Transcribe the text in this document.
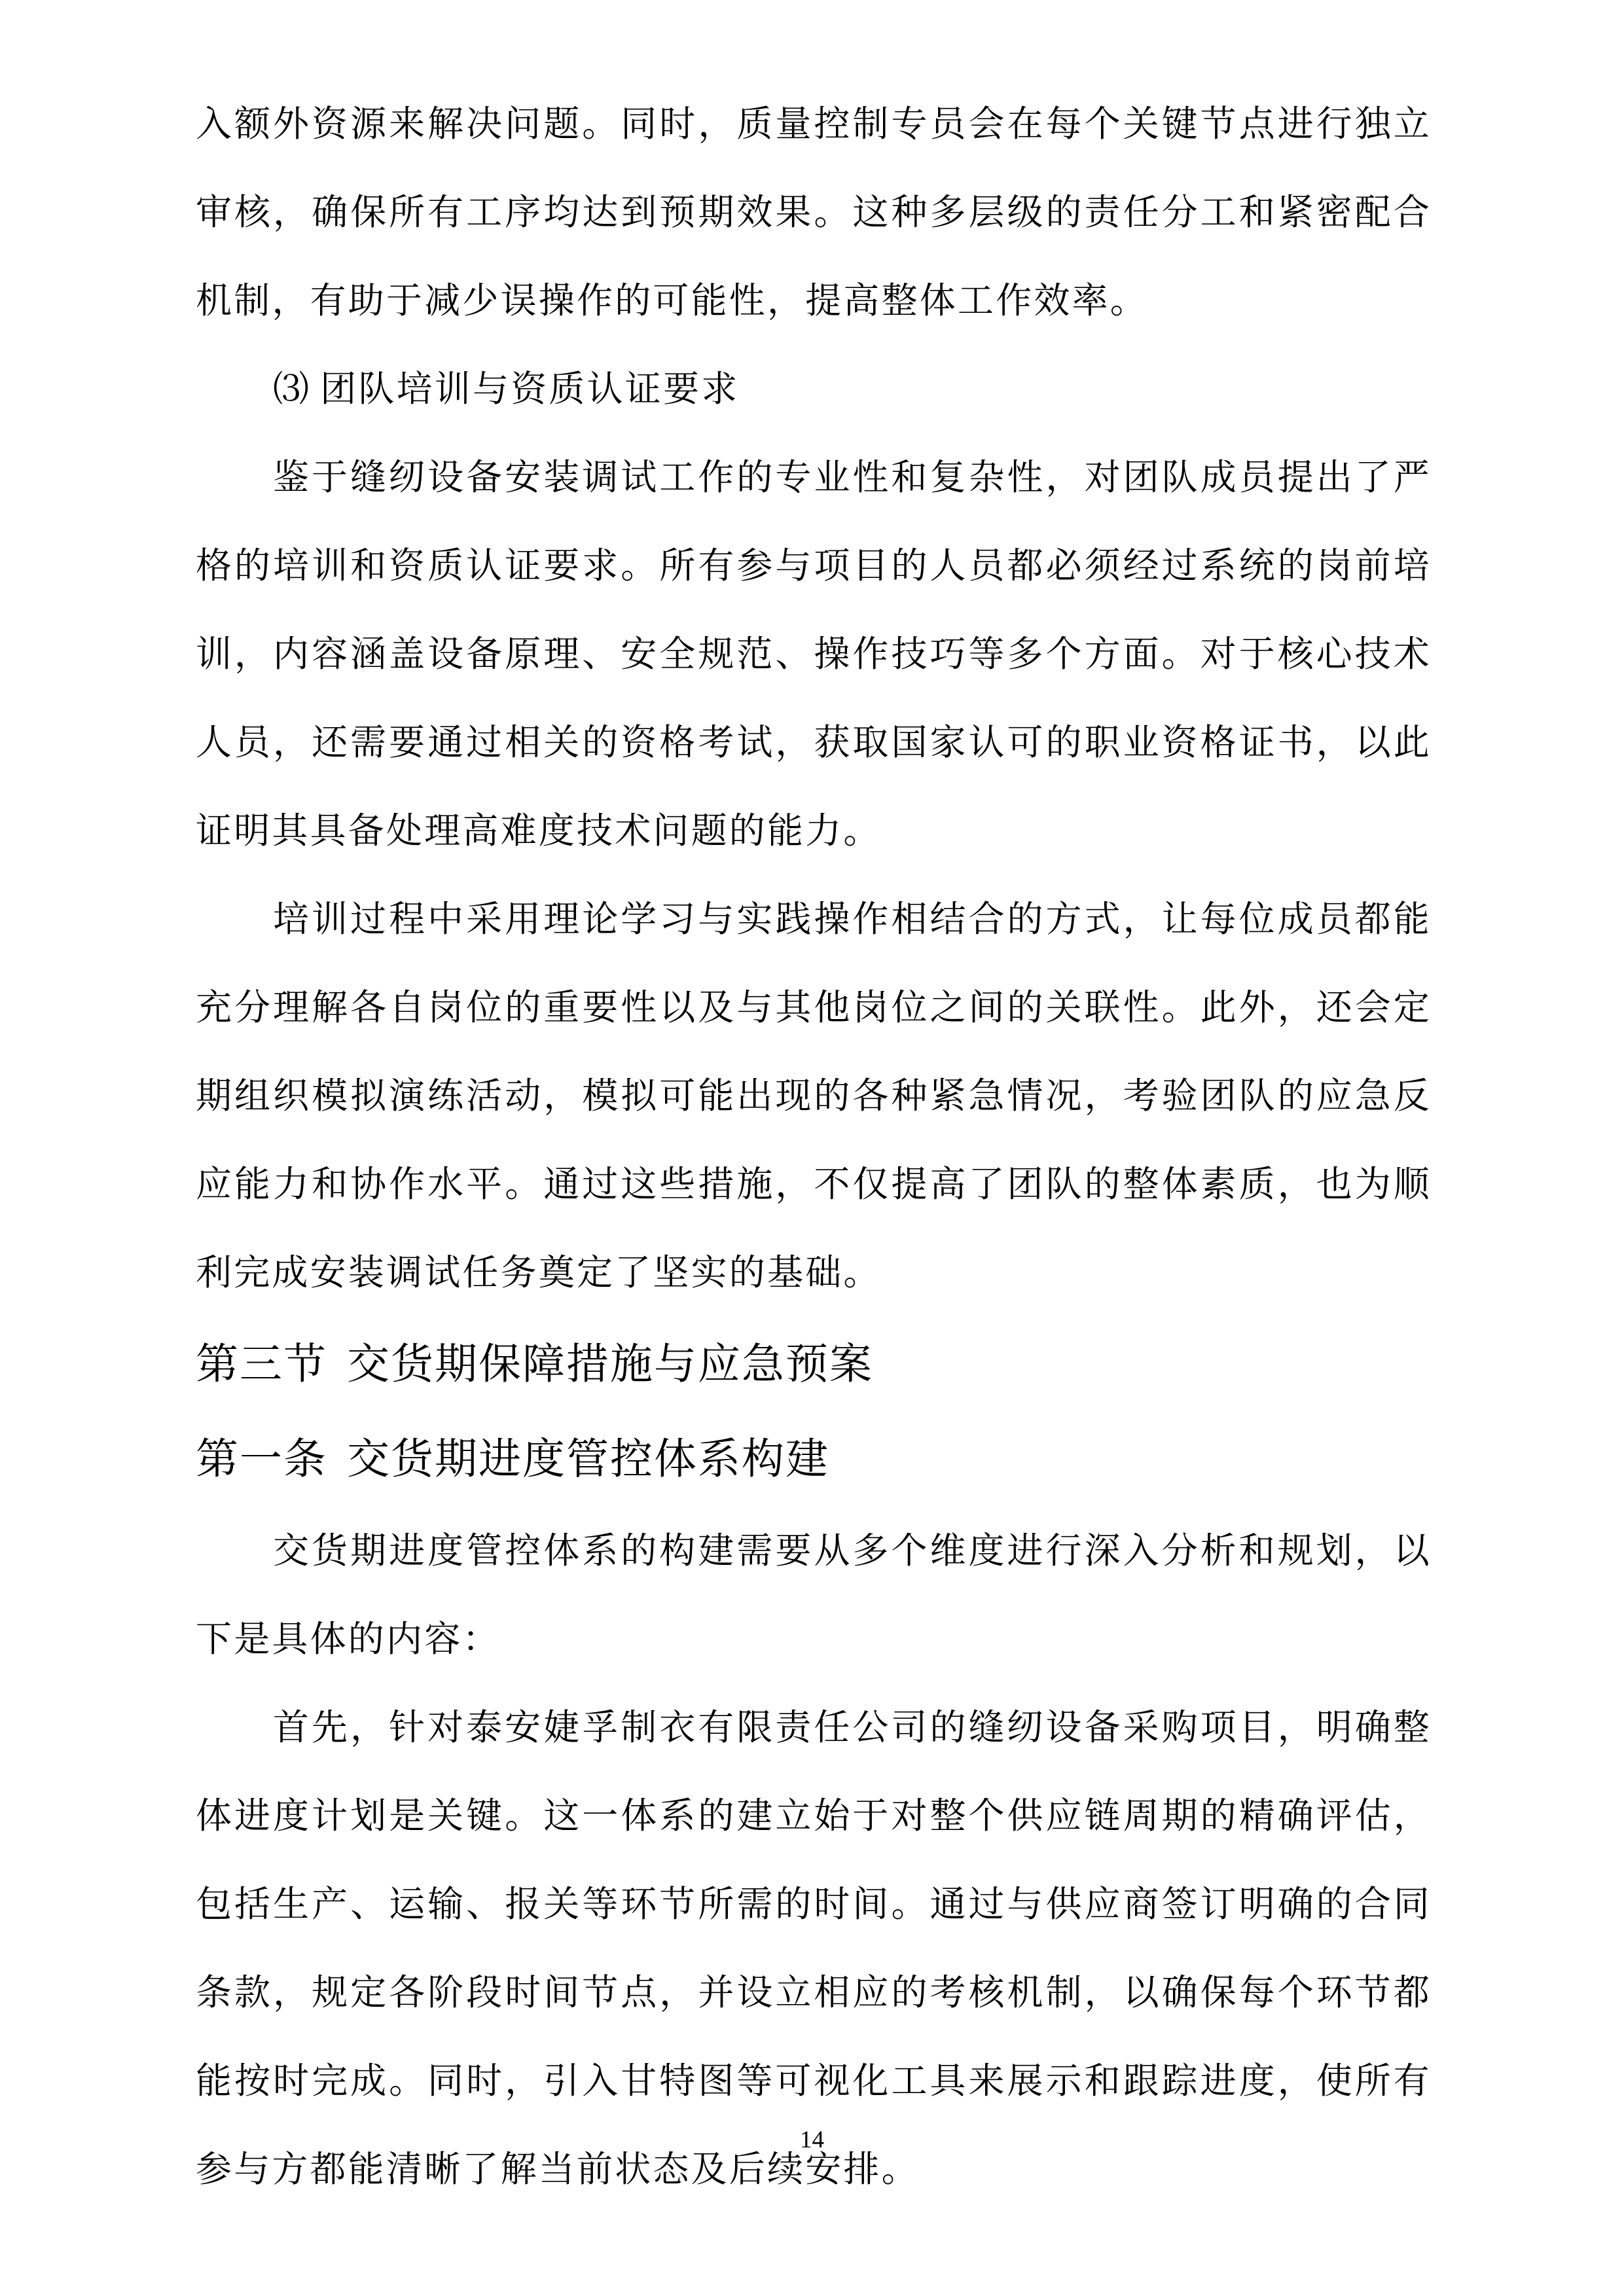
入额外资源来解决问题。同时，质量控制专员会在每个关键节点进行独立审核，确保所有工序均达到预期效果。这种多层级的责任分工和紧密配合机制，有助于减少误操作的可能性，提高整体工作效率。

⑶ 团队培训与资质认证要求

鉴于缝纫设备安装调试工作的专业性和复杂性，对团队成员提出了严格的培训和资质认证要求。所有参与项目的人员都必须经过系统的岗前培训，内容涵盖设备原理、安全规范、操作技巧等多个方面。对于核心技术人员，还需要通过相关的资格考试，获取国家认可的职业资格证书，以此证明其具备处理高难度技术问题的能力。

培训过程中采用理论学习与实践操作相结合的方式，让每位成员都能充分理解各自岗位的重要性以及与其他岗位之间的关联性。此外，还会定期组织模拟演练活动，模拟可能出现的各种紧急情况，考验团队的应急反应能力和协作水平。通过这些措施，不仅提高了团队的整体素质，也为顺利完成安装调试任务奠定了坚实的基础。

第三节 交货期保障措施与应急预案
第一条 交货期进度管控体系构建

交货期进度管控体系的构建需要从多个维度进行深入分析和规划，以下是具体的内容：

首先，针对泰安婕孚制衣有限责任公司的缝纫设备采购项目，明确整体进度计划是关键。这一体系的建立始于对整个供应链周期的精确评估，包括生产、运输、报关等环节所需的时间。通过与供应商签订明确的合同条款，规定各阶段时间节点，并设立相应的考核机制，以确保每个环节都能按时完成。同时，引入甘特图等可视化工具来展示和跟踪进度，使所有参与方都能清晰了解当前状态及后续安排。

14
